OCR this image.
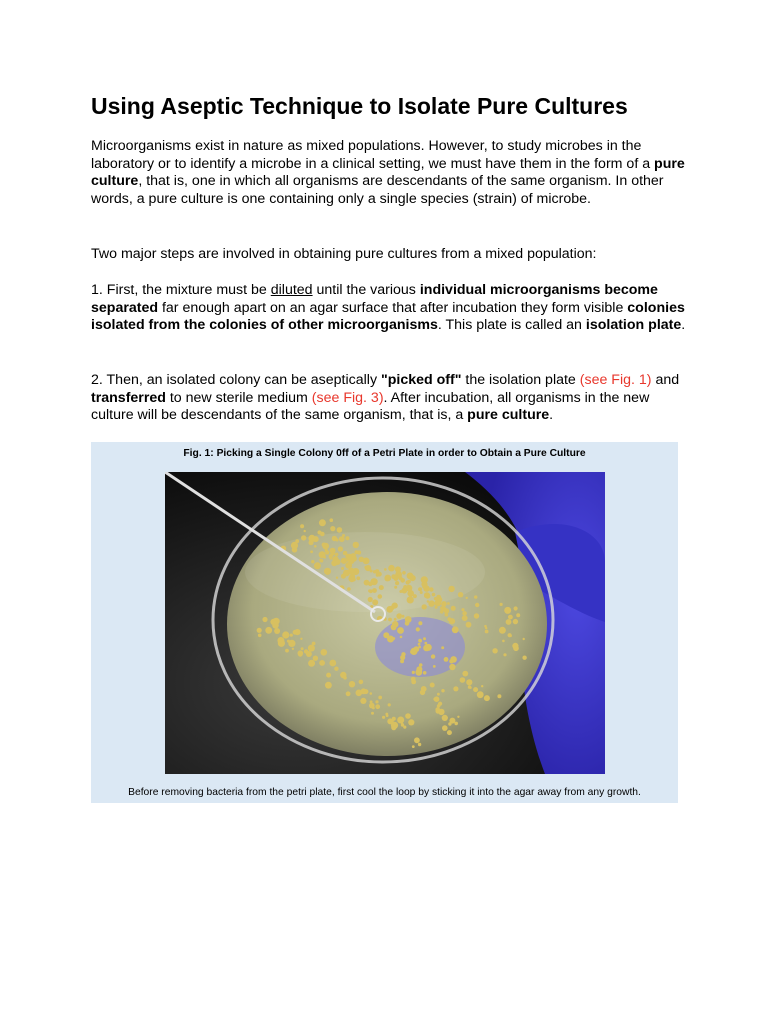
Using Aseptic Technique to Isolate Pure Cultures

Microorganisms exist in nature as mixed populations. However, to study microbes in the laboratory or to identify a microbe in a clinical setting, we must have them in the form of a pure culture, that is, one in which all organisms are descendants of the same organism. In other words, a pure culture is one containing only a single species (strain) of microbe.

Two major steps are involved in obtaining pure cultures from a mixed population:

1. First, the mixture must be diluted until the various individual microorganisms become separated far enough apart on an agar surface that after incubation they form visible colonies isolated from the colonies of other microorganisms. This plate is called an isolation plate.

2. Then, an isolated colony can be aseptically "picked off" the isolation plate (see Fig. 1) and transferred to new sterile medium (see Fig. 3). After incubation, all organisms in the new culture will be descendants of the same organism, that is, a pure culture.

Fig. 1: Picking a Single Colony 0ff of a Petri Plate in order to Obtain a Pure Culture
Before removing bacteria from the petri plate, first cool the loop by sticking it into the agar away from any growth.
